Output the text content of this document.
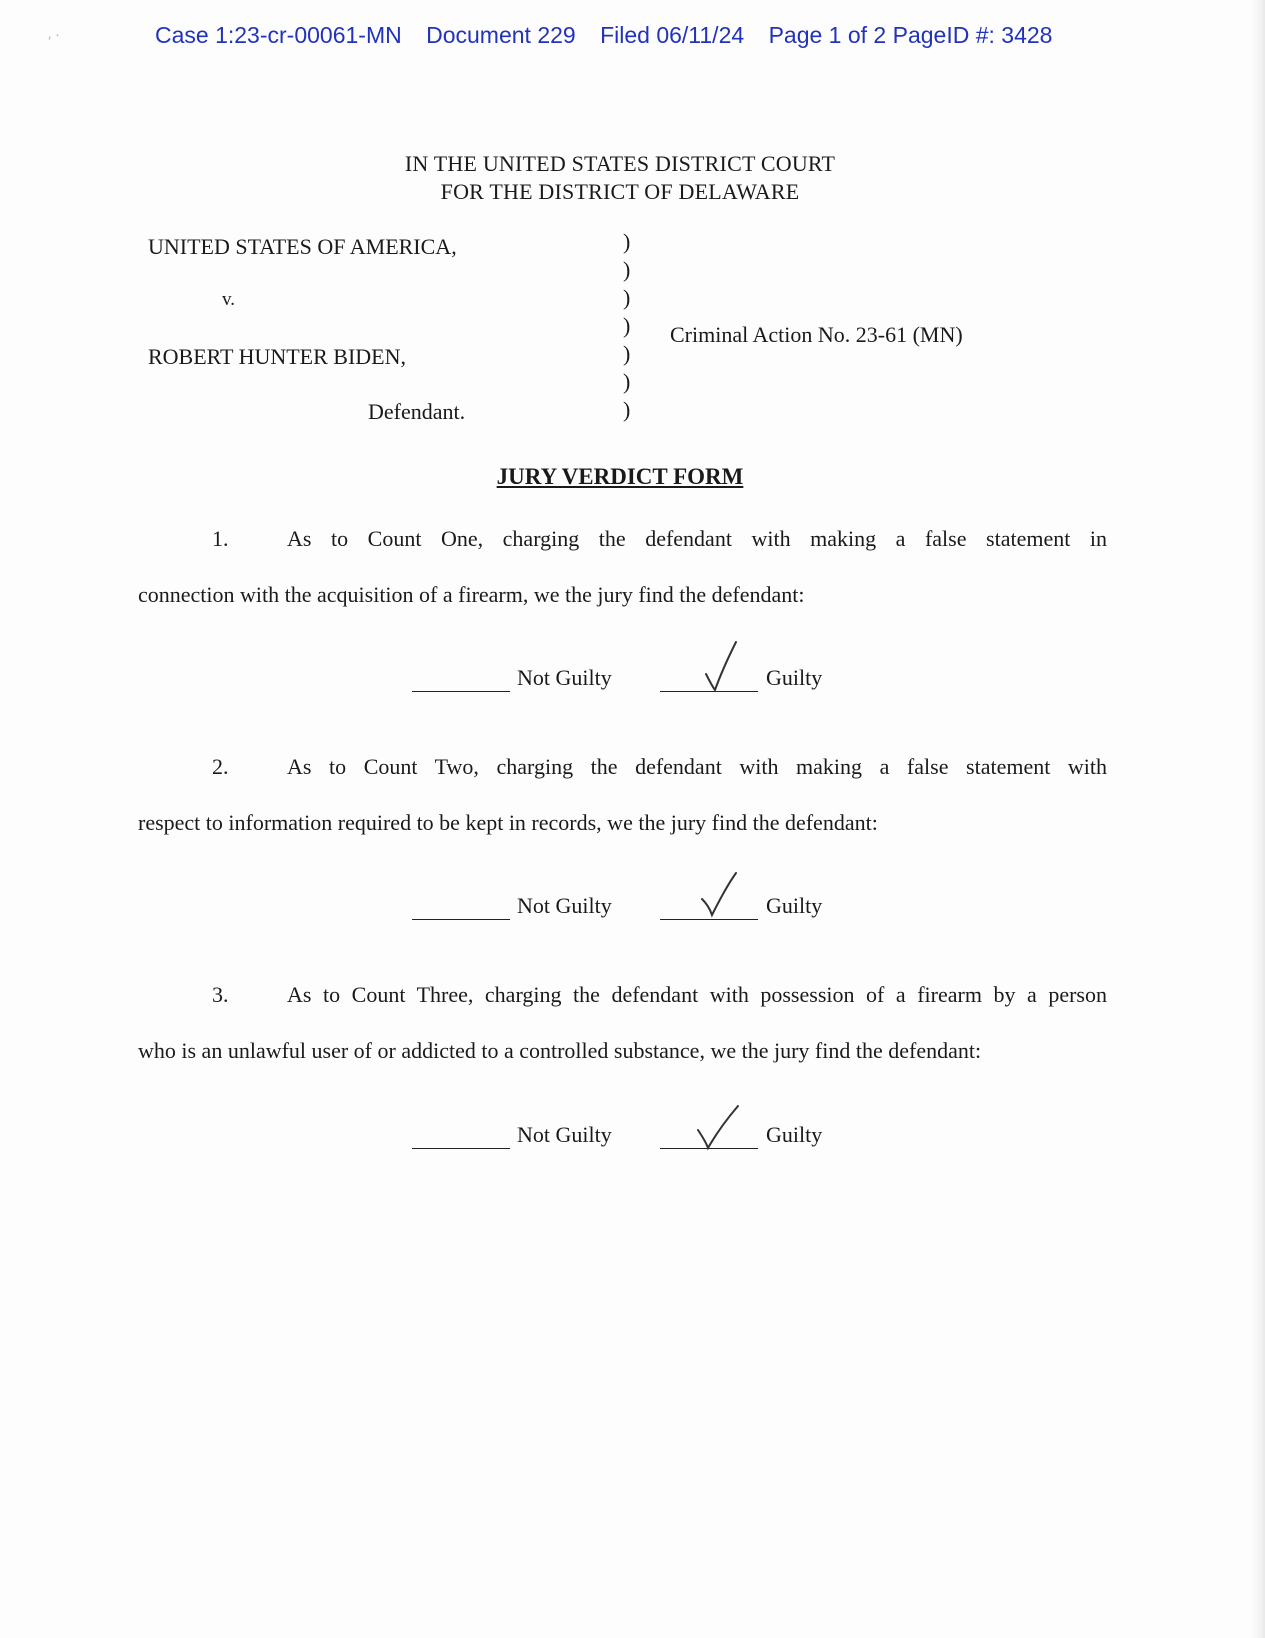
⸴ ⸱	Case 1:23-cr-00061-MN Document 229 Filed 06/11/24 Page 1 of 2 PageID #: 3428
IN THE UNITED STATES DISTRICT COURT
FOR THE DISTRICT OF DELAWARE
UNITED STATES OF AMERICA,
v.
ROBERT HUNTER BIDEN,
Defendant.
)
)
)
)
)
)
)
Criminal Action No. 23-61 (MN)
JURY VERDICT FORM
1.	As to Count One, charging the defendant with making a false statement in
connection with the acquisition of a firearm, we the jury find the defendant:
Not Guilty	Guilty
2.	As to Count Two, charging the defendant with making a false statement with
respect to information required to be kept in records, we the jury find the defendant:
Not Guilty	Guilty
3.	As to Count Three, charging the defendant with possession of a firearm by a person
who is an unlawful user of or addicted to a controlled substance, we the jury find the defendant:
Not Guilty	Guilty
